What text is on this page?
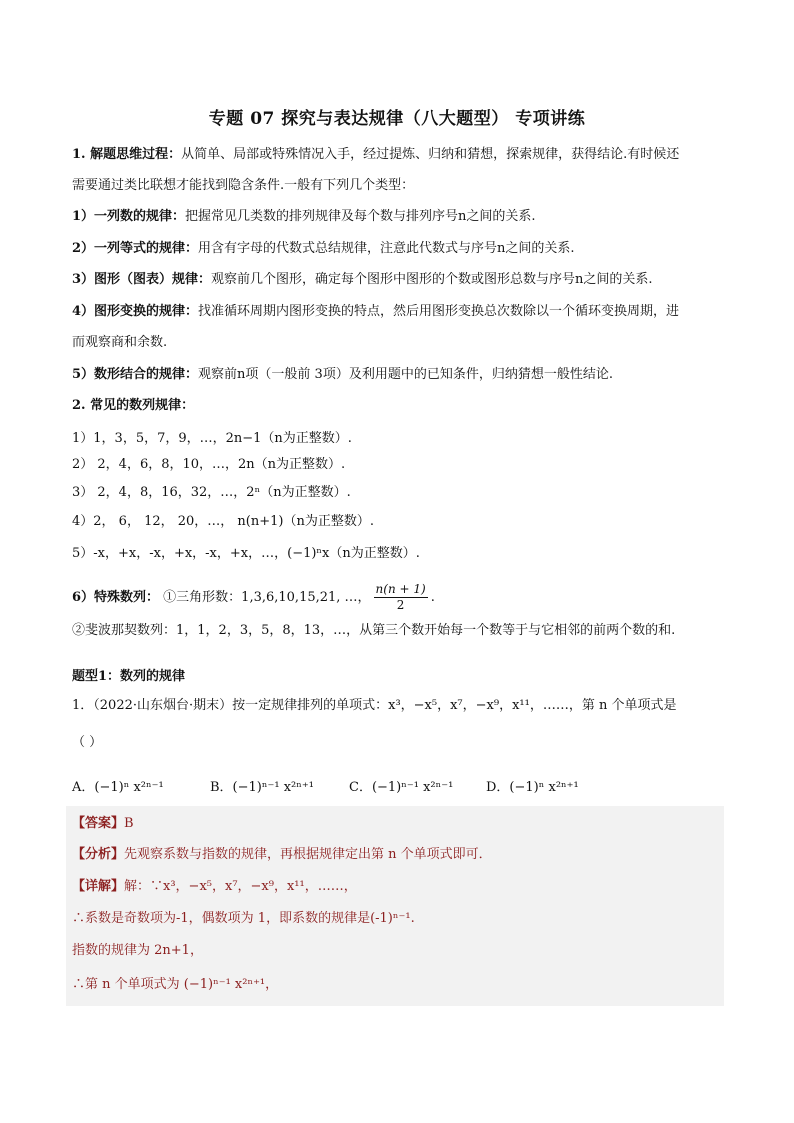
专题 07 探究与表达规律（八大题型） 专项讲练
1. 解题思维过程：从简单、局部或特殊情况入手，经过提炼、归纳和猜想，探索规律，获得结论.有时候还
需要通过类比联想才能找到隐含条件.一般有下列几个类型：
1）一列数的规律：把握常见几类数的排列规律及每个数与排列序号n之间的关系.
2）一列等式的规律：用含有字母的代数式总结规律，注意此代数式与序号n之间的关系.
3）图形（图表）规律：观察前几个图形，确定每个图形中图形的个数或图形总数与序号n之间的关系.
4）图形变换的规律：找准循环周期内图形变换的特点，然后用图形变换总次数除以一个循环变换周期，进
而观察商和余数.
5）数形结合的规律：观察前n项（一般前 3项）及利用题中的已知条件，归纳猜想一般性结论.
2. 常见的数列规律：
1）1，3，5，7，9，…，2n−1（n为正整数）.
2） 2，4，6，8，10，…，2n（n为正整数）.
3） 2，4，8，16，32，…，2ⁿ（n为正整数）.
4）2， 6， 12， 20，…， n(n+1)（n为正整数）.
5）-x，+x，-x，+x，-x，+x，…，(−1)ⁿx（n为正整数）.
6）特殊数列： ①三角形数：1,3,6,10,15,21, …， $\frac{n(n + 1)}{2}$ .
②斐波那契数列：1，1，2，3，5，8，13，…，从第三个数开始每一个数等于与它相邻的前两个数的和.
题型1：数列的规律
1．（2022·山东烟台·期末）按一定规律排列的单项式：x³，−x⁵，x⁷，−x⁹，x¹¹，……，第 n 个单项式是
（ ）
A．(−1)ⁿ x²ⁿ⁻¹	B．(−1)ⁿ⁻¹ x²ⁿ⁺¹	C．(−1)ⁿ⁻¹ x²ⁿ⁻¹	D．(−1)ⁿ x²ⁿ⁺¹
【答案】B
【分析】先观察系数与指数的规律，再根据规律定出第 n 个单项式即可．
【详解】解：∵x³，−x⁵，x⁷，−x⁹，x¹¹，……，
∴系数是奇数项为-1，偶数项为 1，即系数的规律是(-1)ⁿ⁻¹.
指数的规律为 2n+1，
∴第 n 个单项式为 (−1)ⁿ⁻¹ x²ⁿ⁺¹，
